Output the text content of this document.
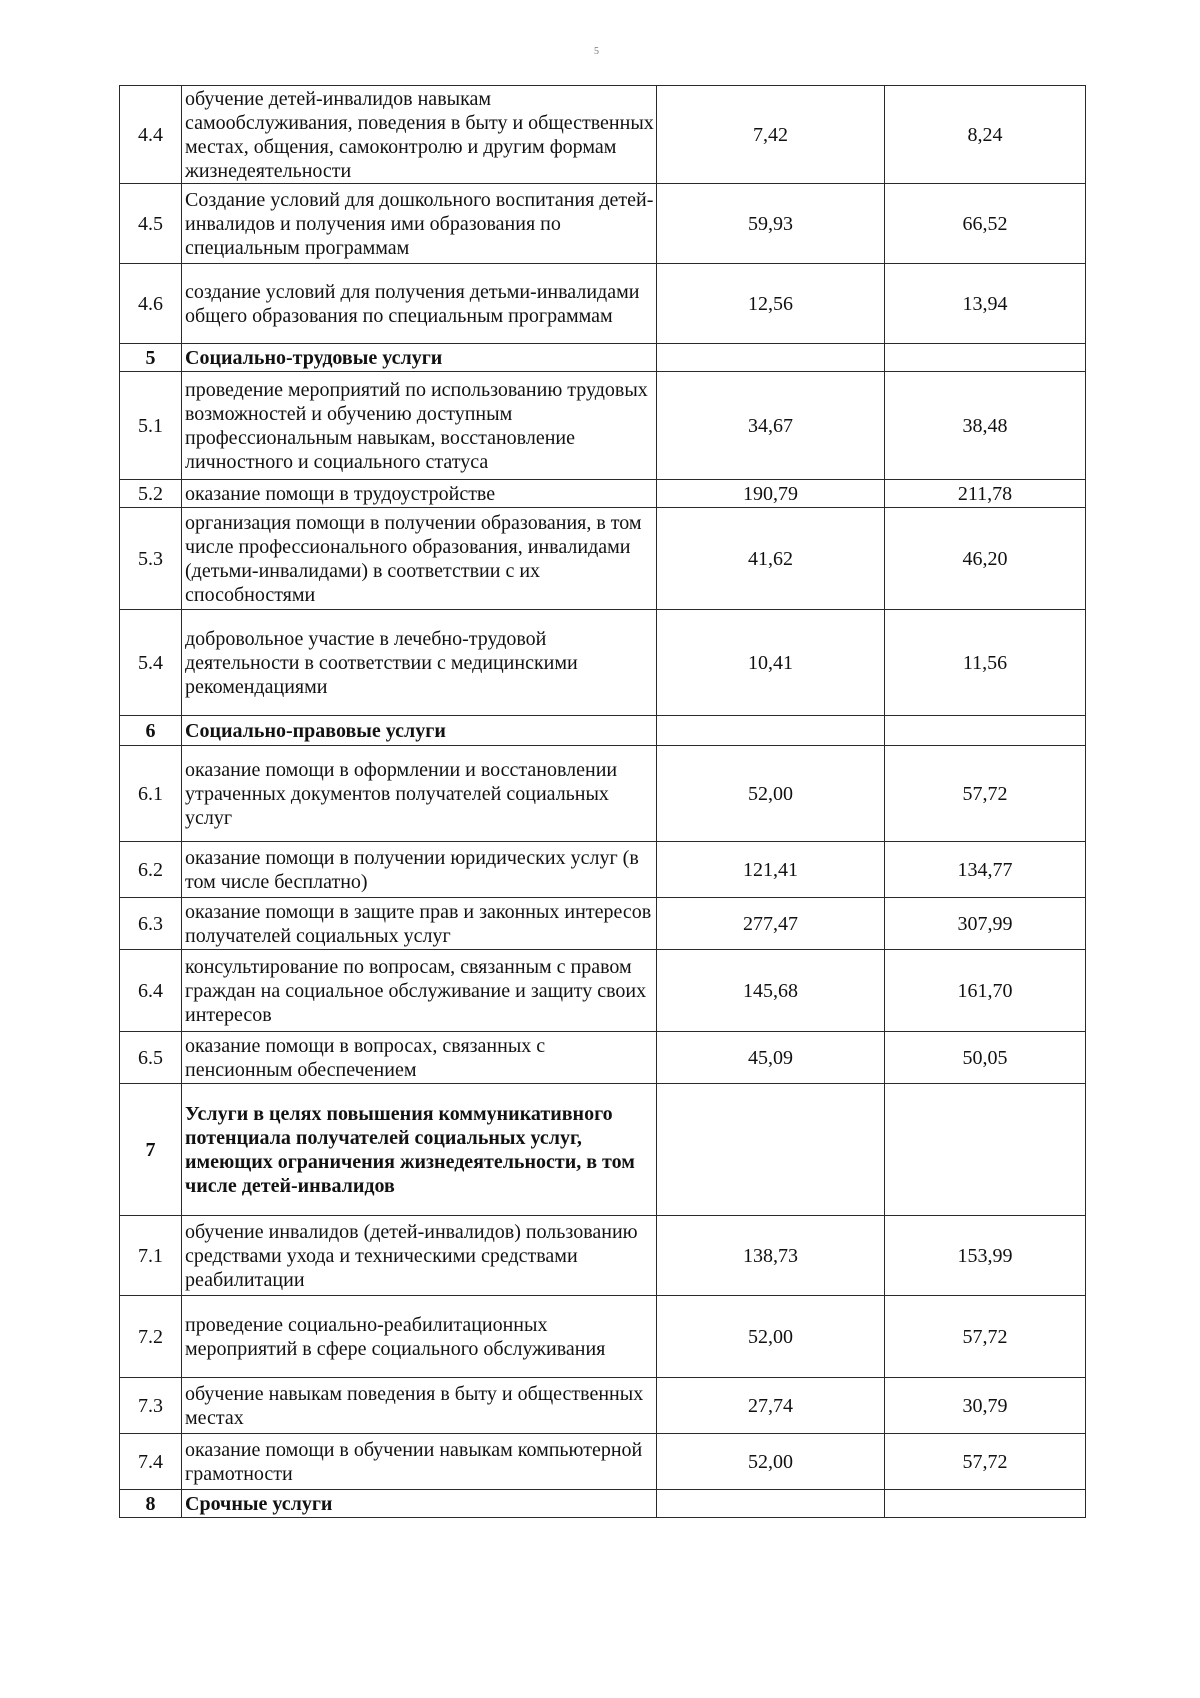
5
4.4	обучение детей-инвалидов навыкам самообслуживания, поведения в быту и общественных местах, общения, самоконтролю и другим формам жизнедеятельности	7,42	8,24
4.5	Создание условий для дошкольного воспитания детей-инвалидов и получения ими образования по специальным программам	59,93	66,52
4.6	создание условий для получения детьми-инвалидами общего образования по специальным программам	12,56	13,94
5	Социально-трудовые услуги		
5.1	проведение мероприятий по использованию трудовых возможностей и обучению доступным профессиональным навыкам, восстановление личностного и социального статуса	34,67	38,48
5.2	оказание помощи в трудоустройстве	190,79	211,78
5.3	организация помощи в получении образования, в том числе профессионального образования, инвалидами (детьми-инвалидами) в соответствии с их способностями	41,62	46,20
5.4	добровольное участие в лечебно-трудовой деятельности в соответствии с медицинскими рекомендациями	10,41	11,56
6	Социально-правовые услуги		
6.1	оказание помощи в оформлении и восстановлении утраченных документов получателей социальных услуг	52,00	57,72
6.2	оказание помощи в получении юридических услуг (в том числе бесплатно)	121,41	134,77
6.3	оказание помощи в защите прав и законных интересов получателей социальных услуг	277,47	307,99
6.4	консультирование по вопросам, связанным с правом граждан на социальное обслуживание и защиту своих интересов	145,68	161,70
6.5	оказание помощи в вопросах, связанных с пенсионным обеспечением	45,09	50,05
7	Услуги в целях повышения коммуникативного потенциала получателей социальных услуг, имеющих ограничения жизнедеятельности, в том числе детей-инвалидов		
7.1	обучение инвалидов (детей-инвалидов) пользованию средствами ухода и техническими средствами реабилитации	138,73	153,99
7.2	проведение социально-реабилитационных мероприятий в сфере социального обслуживания	52,00	57,72
7.3	обучение навыкам поведения в быту и общественных местах	27,74	30,79
7.4	оказание помощи в обучении навыкам компьютерной грамотности	52,00	57,72
8	Срочные услуги		
